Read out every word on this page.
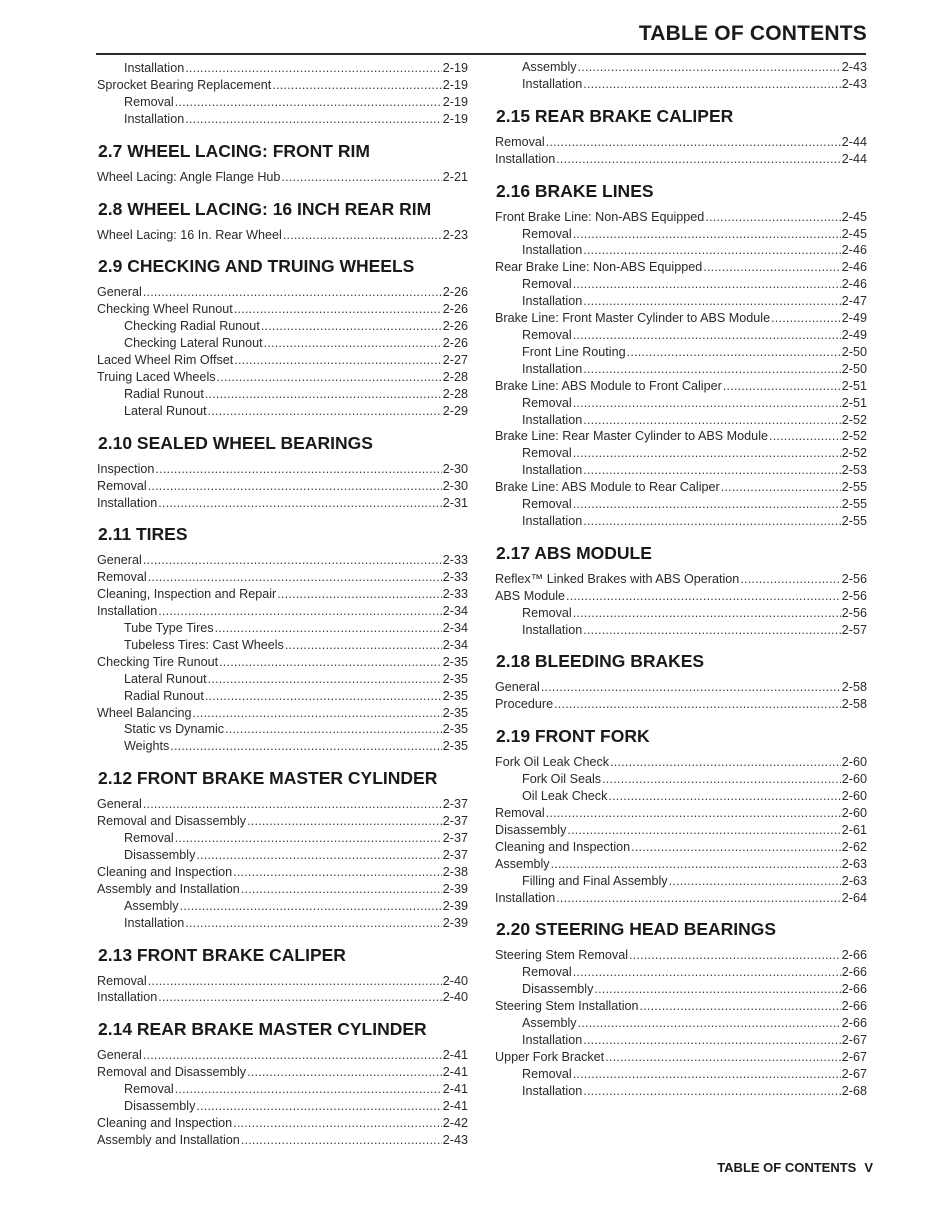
TABLE OF CONTENTS
Installation .....	2-19
Sprocket Bearing Replacement .....	2-19
Removal .....	2-19
Installation .....	2-19
2.7 WHEEL LACING: FRONT RIM
Wheel Lacing: Angle Flange Hub .....	2-21
2.8 WHEEL LACING: 16 INCH REAR RIM
Wheel Lacing: 16 In. Rear Wheel .....	2-23
2.9 CHECKING AND TRUING WHEELS
General .....	2-26
Checking Wheel Runout .....	2-26
Checking Radial Runout .....	2-26
Checking Lateral Runout .....	2-26
Laced Wheel Rim Offset .....	2-27
Truing Laced Wheels .....	2-28
Radial Runout .....	2-28
Lateral Runout .....	2-29
2.10 SEALED WHEEL BEARINGS
Inspection .....	2-30
Removal .....	2-30
Installation .....	2-31
2.11 TIRES
General .....	2-33
Removal .....	2-33
Cleaning, Inspection and Repair .....	2-33
Installation .....	2-34
Tube Type Tires .....	2-34
Tubeless Tires: Cast Wheels .....	2-34
Checking Tire Runout .....	2-35
Lateral Runout .....	2-35
Radial Runout .....	2-35
Wheel Balancing .....	2-35
Static vs Dynamic .....	2-35
Weights .....	2-35
2.12 FRONT BRAKE MASTER CYLINDER
General .....	2-37
Removal and Disassembly .....	2-37
Removal .....	2-37
Disassembly .....	2-37
Cleaning and Inspection .....	2-38
Assembly and Installation .....	2-39
Assembly .....	2-39
Installation .....	2-39
2.13 FRONT BRAKE CALIPER
Removal .....	2-40
Installation .....	2-40
2.14 REAR BRAKE MASTER CYLINDER
General .....	2-41
Removal and Disassembly .....	2-41
Removal .....	2-41
Disassembly .....	2-41
Cleaning and Inspection .....	2-42
Assembly and Installation .....	2-43
Assembly .....	2-43
Installation .....	2-43
2.15 REAR BRAKE CALIPER
Removal .....	2-44
Installation .....	2-44
2.16 BRAKE LINES
Front Brake Line: Non-ABS Equipped .....	2-45
Removal .....	2-45
Installation .....	2-46
Rear Brake Line: Non-ABS Equipped .....	2-46
Removal .....	2-46
Installation .....	2-47
Brake Line: Front Master Cylinder to ABS Module .....	2-49
Removal .....	2-49
Front Line Routing .....	2-50
Installation .....	2-50
Brake Line: ABS Module to Front Caliper .....	2-51
Removal .....	2-51
Installation .....	2-52
Brake Line: Rear Master Cylinder to ABS Module .....	2-52
Removal .....	2-52
Installation .....	2-53
Brake Line: ABS Module to Rear Caliper .....	2-55
Removal .....	2-55
Installation .....	2-55
2.17 ABS MODULE
Reflex™ Linked Brakes with ABS Operation .....	2-56
ABS Module .....	2-56
Removal .....	2-56
Installation .....	2-57
2.18 BLEEDING BRAKES
General .....	2-58
Procedure .....	2-58
2.19 FRONT FORK
Fork Oil Leak Check .....	2-60
Fork Oil Seals .....	2-60
Oil Leak Check .....	2-60
Removal .....	2-60
Disassembly .....	2-61
Cleaning and Inspection .....	2-62
Assembly .....	2-63
Filling and Final Assembly .....	2-63
Installation .....	2-64
2.20 STEERING HEAD BEARINGS
Steering Stem Removal .....	2-66
Removal .....	2-66
Disassembly .....	2-66
Steering Stem Installation .....	2-66
Assembly .....	2-66
Installation .....	2-67
Upper Fork Bracket .....	2-67
Removal .....	2-67
Installation .....	2-68
TABLE OF CONTENTS V
